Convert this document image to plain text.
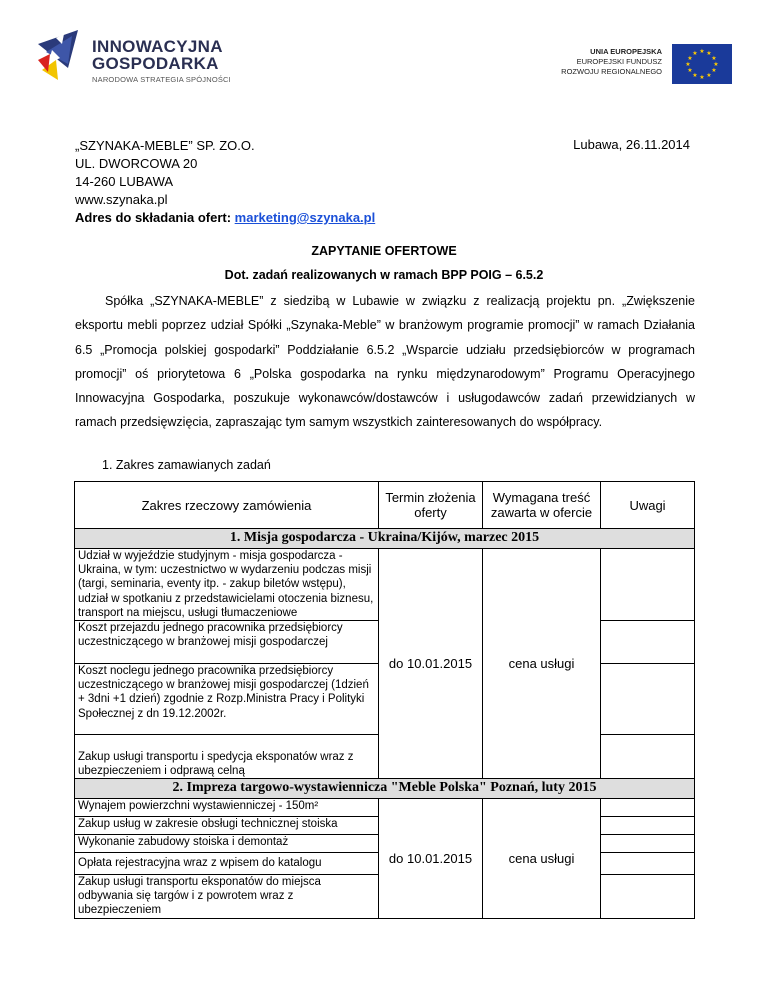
INNOWACYJNA
GOSPODARKA
NARODOWA STRATEGIA SPÓJNOŚCI
UNIA EUROPEJSKA
EUROPEJSKI FUNDUSZ
ROZWOJU REGIONALNEGO
★ ★
★
★
★
★
★
★
★
★
★
★
„SZYNAKA-MEBLE” SP. ZO.O.
UL. DWORCOWA 20
14-260 LUBAWA
www.szynaka.pl
Adres do składania ofert: marketing@szynaka.pl
Lubawa, 26.11.2014
ZAPYTANIE OFERTOWE
Dot. zadań realizowanych w ramach BPP POIG – 6.5.2
Spółka „SZYNAKA-MEBLE” z siedzibą w Lubawie w związku z realizacją projektu pn. „Zwiększenie eksportu mebli poprzez udział Spółki „Szynaka-Meble” w branżowym programie promocji” w ramach Działania 6.5 „Promocja polskiej gospodarki” Poddziałanie 6.5.2 „Wsparcie udziału przedsiębiorców w programach promocji” oś priorytetowa 6 „Polska gospodarka na rynku międzynarodowym” Programu Operacyjnego Innowacyjna Gospodarka, poszukuje wykonawców/dostawców i usługodawców zadań przewidzianych w ramach przedsięwzięcia, zapraszając tym samym wszystkich zainteresowanych do współpracy.
1. Zakres zamawianych zadań
Zakres rzeczowy zamówienia	Termin złożenia oferty	Wymagana treść zawarta w ofercie	Uwagi
1. Misja gospodarcza - Ukraina/Kijów, marzec 2015			
Udział w wyjeździe studyjnym - misja gospodarcza - Ukraina, w tym: uczestnictwo w wydarzeniu podczas misji (targi, seminaria, eventy itp. - zakup biletów wstępu), udział w spotkaniu z przedstawicielami otoczenia biznesu, transport na miejscu, usługi tłumaczeniowe	do 10.01.2015	cena usługi	
Koszt przejazdu jednego pracownika przedsiębiorcy uczestniczącego w branżowej misji gospodarczej			
Koszt noclegu jednego pracownika przedsiębiorcy uczestniczącego w branżowej misji gospodarczej (1dzień + 3dni +1 dzień) zgodnie z Rozp.Ministra Pracy i Polityki Społecznej z dn 19.12.2002r.			
Zakup usługi transportu i spedycja eksponatów wraz z ubezpieczeniem i odprawą celną			
2. Impreza targowo-wystawiennicza "Meble Polska" Poznań, luty 2015			
Wynajem powierzchni wystawienniczej - 150m²	do 10.01.2015	cena usługi	
Zakup usług w zakresie obsługi technicznej stoiska			
Wykonanie zabudowy stoiska i demontaż			
Opłata rejestracyjna wraz z wpisem do katalogu			
Zakup usługi transportu eksponatów do miejsca odbywania się targów i z powrotem wraz z ubezpieczeniem			
